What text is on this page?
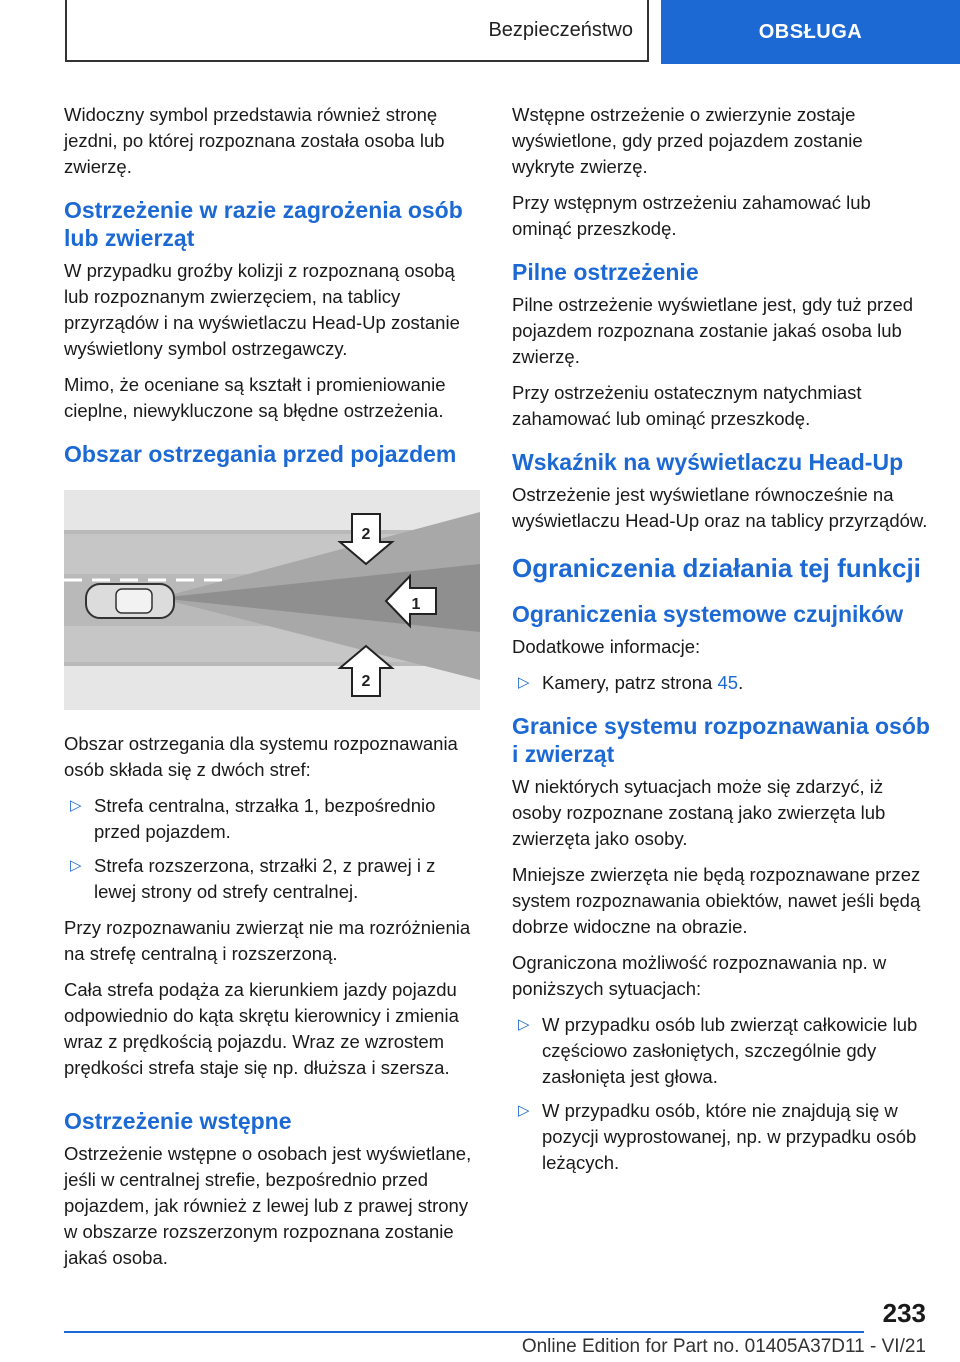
Bezpieczeństwo	OBSŁUGA

Widoczny symbol przedstawia również stronę jezdni, po której rozpoznana została osoba lub zwierzę.

Ostrzeżenie w razie zagrożenia osób lub zwierząt

W przypadku groźby kolizji z rozpoznaną osobą lub rozpoznanym zwierzęciem, na tablicy przyrządów i na wyświetlaczu Head-Up zostanie wyświetlony symbol ostrzegawczy.

Mimo, że oceniane są kształt i promieniowanie cieplne, niewykluczone są błędne ostrzeżenia.

Obszar ostrzegania przed pojazdem
1
2
2

Obszar ostrzegania dla systemu rozpoznawania osób składa się z dwóch stref:

▷ Strefa centralna, strzałka 1, bezpośrednio przed pojazdem.
▷ Strefa rozszerzona, strzałki 2, z prawej i z lewej strony od strefy centralnej.

Przy rozpoznawaniu zwierząt nie ma rozróżnienia na strefę centralną i rozszerzoną.

Cała strefa podąża za kierunkiem jazdy pojazdu odpowiednio do kąta skrętu kierownicy i zmienia wraz z prędkością pojazdu. Wraz ze wzrostem prędkości strefa staje się np. dłuższa i szersza.

Ostrzeżenie wstępne

Ostrzeżenie wstępne o osobach jest wyświetlane, jeśli w centralnej strefie, bezpośrednio przed pojazdem, jak również z lewej lub z prawej strony w obszarze rozszerzonym rozpoznana zostanie jakaś osoba.

Wstępne ostrzeżenie o zwierzynie zostaje wyświetlone, gdy przed pojazdem zostanie wykryte zwierzę.

Przy wstępnym ostrzeżeniu zahamować lub ominąć przeszkodę.

Pilne ostrzeżenie

Pilne ostrzeżenie wyświetlane jest, gdy tuż przed pojazdem rozpoznana zostanie jakaś osoba lub zwierzę.

Przy ostrzeżeniu ostatecznym natychmiast zahamować lub ominąć przeszkodę.

Wskaźnik na wyświetlaczu Head-Up

Ostrzeżenie jest wyświetlane równocześnie na wyświetlaczu Head-Up oraz na tablicy przyrządów.

Ograniczenia działania tej funkcji
Ograniczenia systemowe czujników

Dodatkowe informacje:

▷ Kamery, patrz strona 45.
Granice systemu rozpoznawania osób i zwierząt

W niektórych sytuacjach może się zdarzyć, iż osoby rozpoznane zostaną jako zwierzęta lub zwierzęta jako osoby.

Mniejsze zwierzęta nie będą rozpoznawane przez system rozpoznawania obiektów, nawet jeśli będą dobrze widoczne na obrazie.

Ograniczona możliwość rozpoznawania np. w poniższych sytuacjach:

▷ W przypadku osób lub zwierząt całkowicie lub częściowo zasłoniętych, szczególnie gdy zasłonięta jest głowa.
▷ W przypadku osób, które nie znajdują się w pozycji wyprostowanej, np. w przypadku osób leżących.
233
Online Edition for Part no. 01405A37D11 - VI/21
